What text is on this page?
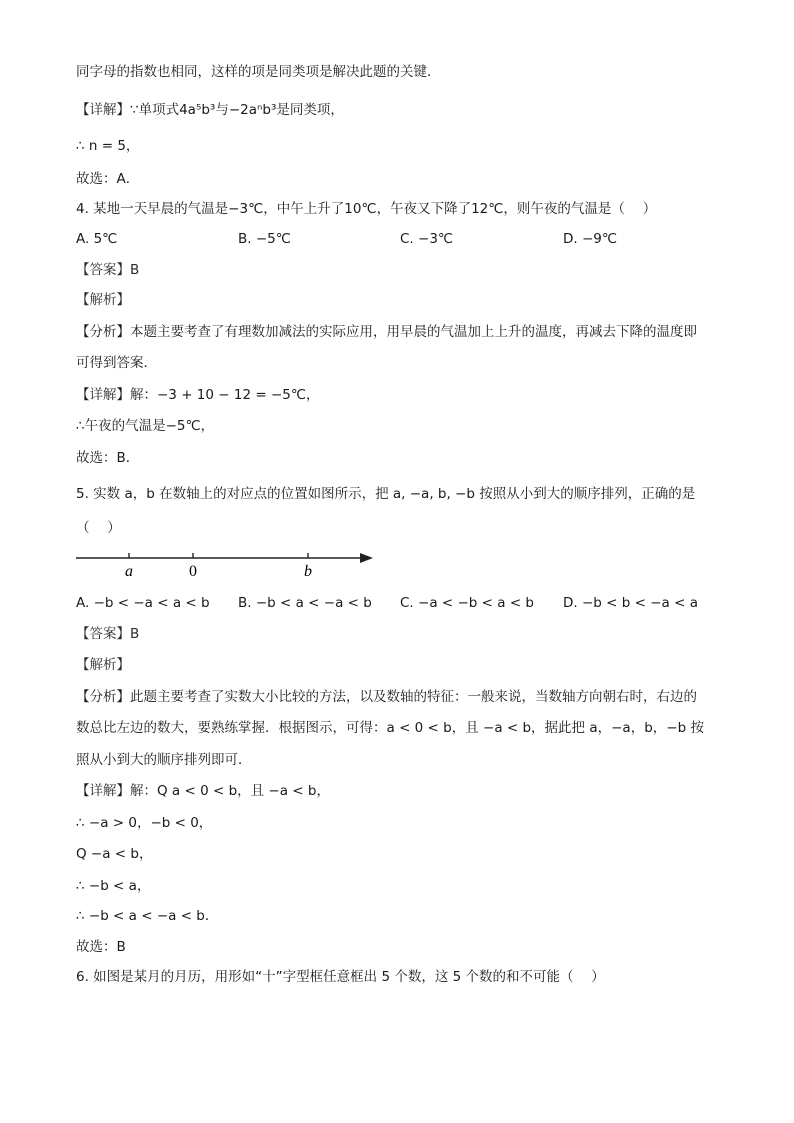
同字母的指数也相同，这样的项是同类项是解决此题的关键．
【详解】∵单项式4a⁵b³与−2aⁿb³是同类项，
∴ n = 5，
故选：A．
4. 某地一天早晨的气温是−3℃，中午上升了10℃，午夜又下降了12℃，则午夜的气温是（　 ）
A. 5℃	B. −5℃	C. −3℃	D. −9℃
【答案】B
【解析】
【分析】本题主要考查了有理数加减法的实际应用，用早晨的气温加上上升的温度，再减去下降的温度即
可得到答案．
【详解】解：−3 + 10 − 12 = −5℃，
∴午夜的气温是−5℃，
故选：B．
5. 实数 a，b 在数轴上的对应点的位置如图所示，把 a, −a, b, −b 按照从小到大的顺序排列，正确的是
（　 ）
a	0	b
A. −b < −a < a < b B. −b < a < −a < b C. −a < −b < a < b D. −b < b < −a < a
【答案】B
【解析】
【分析】此题主要考查了实数大小比较的方法，以及数轴的特征：一般来说，当数轴方向朝右时，右边的
数总比左边的数大，要熟练掌握．根据图示，可得：a < 0 < b，且 −a < b，据此把 a，−a，b，−b 按
照从小到大的顺序排列即可．
【详解】解：Q a < 0 < b，且 −a < b，
∴ −a > 0，−b < 0，
Q −a < b，
∴ −b < a，
∴ −b < a < −a < b．
故选：B
6. 如图是某月的月历，用形如“十”字型框任意框出 5 个数，这 5 个数的和不可能（　 ）
